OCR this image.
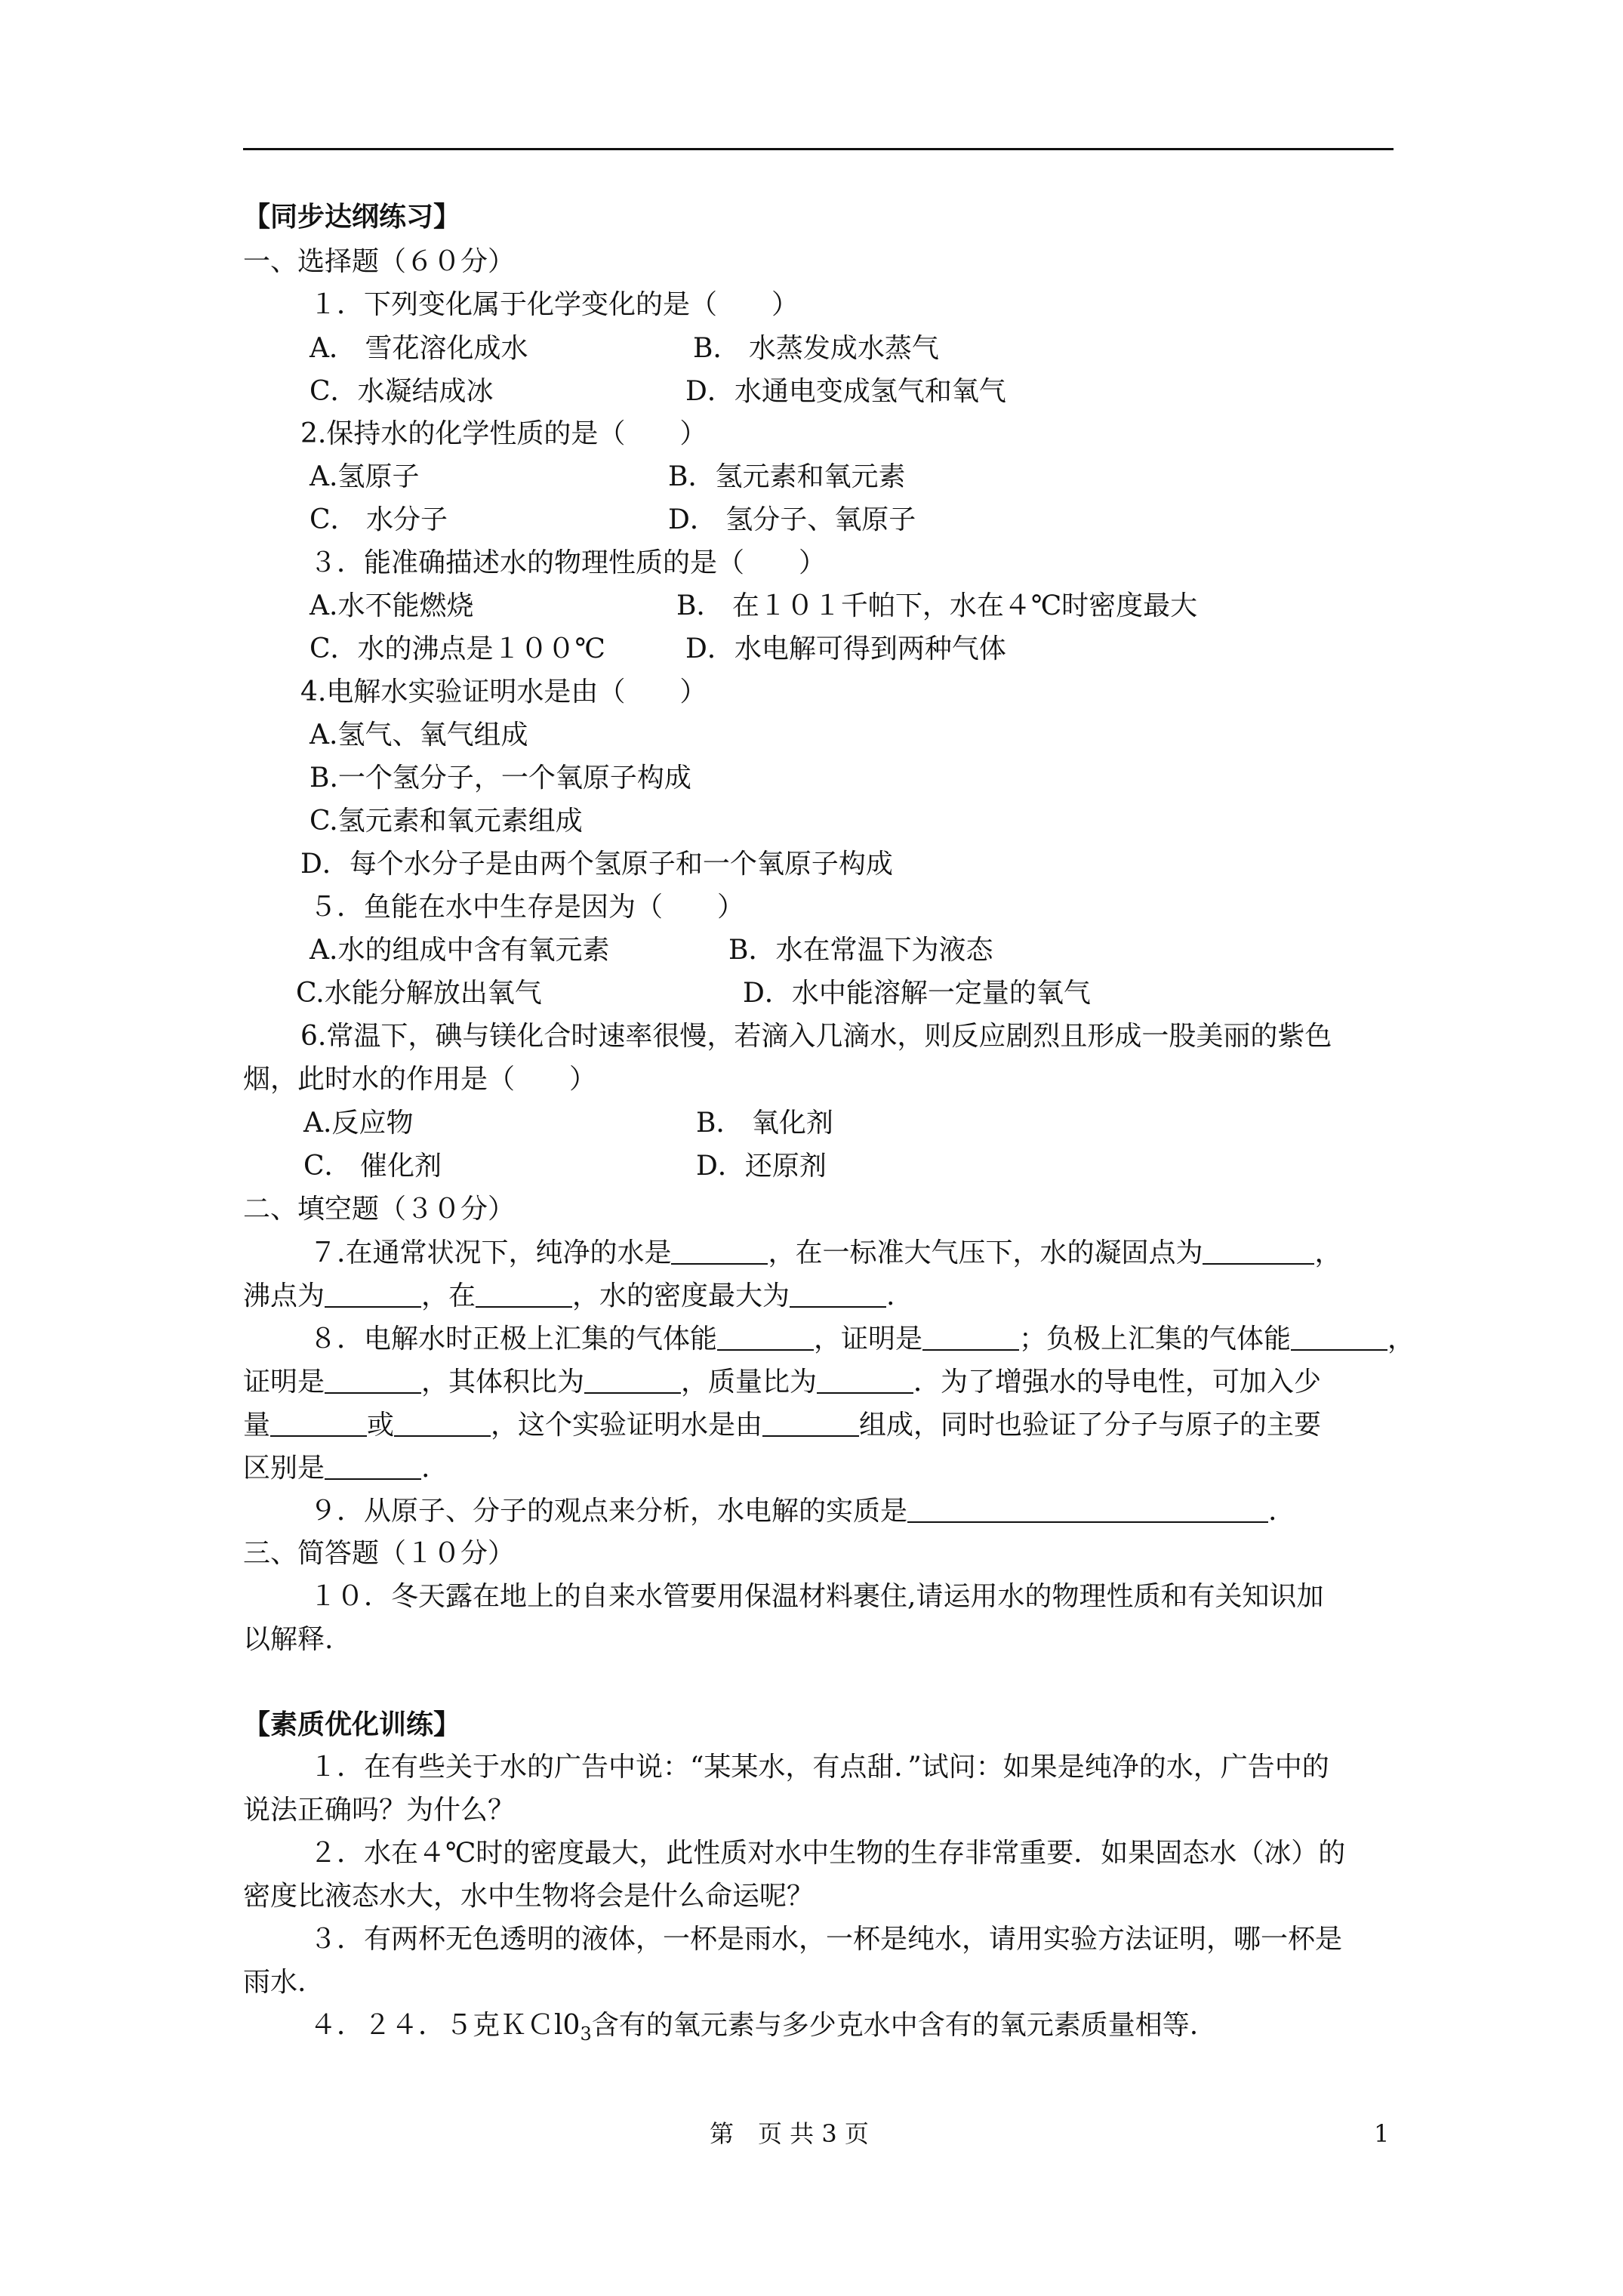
【同步达纲练习】
一、选择题（６０分）
１．下列变化属于化学变化的是（　　）
A． 雪花溶化成水	B． 水蒸发成水蒸气
C．水凝结成冰	D．水通电变成氢气和氧气
2.保持水的化学性质的是（　　）
A.氢原子	B．氢元素和氧元素
C． 水分子	D． 氢分子、氧原子
３．能准确描述水的物理性质的是（　　）
A.水不能燃烧	B． 在１０１千帕下，水在４℃时密度最大
C．水的沸点是１００℃	D．水电解可得到两种气体
4.电解水实验证明水是由（　　）
A.氢气、氧气组成
B.一个氢分子，一个氧原子构成
C.氢元素和氧元素组成
D．每个水分子是由两个氢原子和一个氧原子构成
５．鱼能在水中生存是因为（　　）
A.水的组成中含有氧元素	B．水在常温下为液态
C.水能分解放出氧气	D．水中能溶解一定量的氧气
6.常温下，碘与镁化合时速率很慢，若滴入几滴水，则反应剧烈且形成一股美丽的紫色
烟，此时水的作用是（　　）
A.反应物	B． 氧化剂
C． 催化剂	D．还原剂
二、填空题（３０分）
７.在通常状况下，纯净的水是	，在一标准大气压下，水的凝固点为	，
沸点为	，在	，水的密度最大为	.
８．电解水时正极上汇集的气体能	，证明是	；负极上汇集的气体能	，
证明是	，其体积比为	，质量比为	．为了增强水的导电性，可加入少
量	或	，这个实验证明水是由	组成，同时也验证了分子与原子的主要
区别是	.
９．从原子、分子的观点来分析，水电解的实质是	.
三、简答题（１０分）
１０．冬天露在地上的自来水管要用保温材料裹住,请运用水的物理性质和有关知识加
以解释.
【素质优化训练】
１．在有些关于水的广告中说：“某某水，有点甜．”试问：如果是纯净的水，广告中的
说法正确吗？为什么？
２．水在４℃时的密度最大，此性质对水中生物的生存非常重要．如果固态水（冰）的
密度比液态水大，水中生物将会是什么命运呢？
３．有两杯无色透明的液体，一杯是雨水，一杯是纯水，请用实验方法证明，哪一杯是
雨水.
４．２４．５克$KCl0_3$含有的氧元素与多少克水中含有的氧元素质量相等.
第　页 共 3 页	1
